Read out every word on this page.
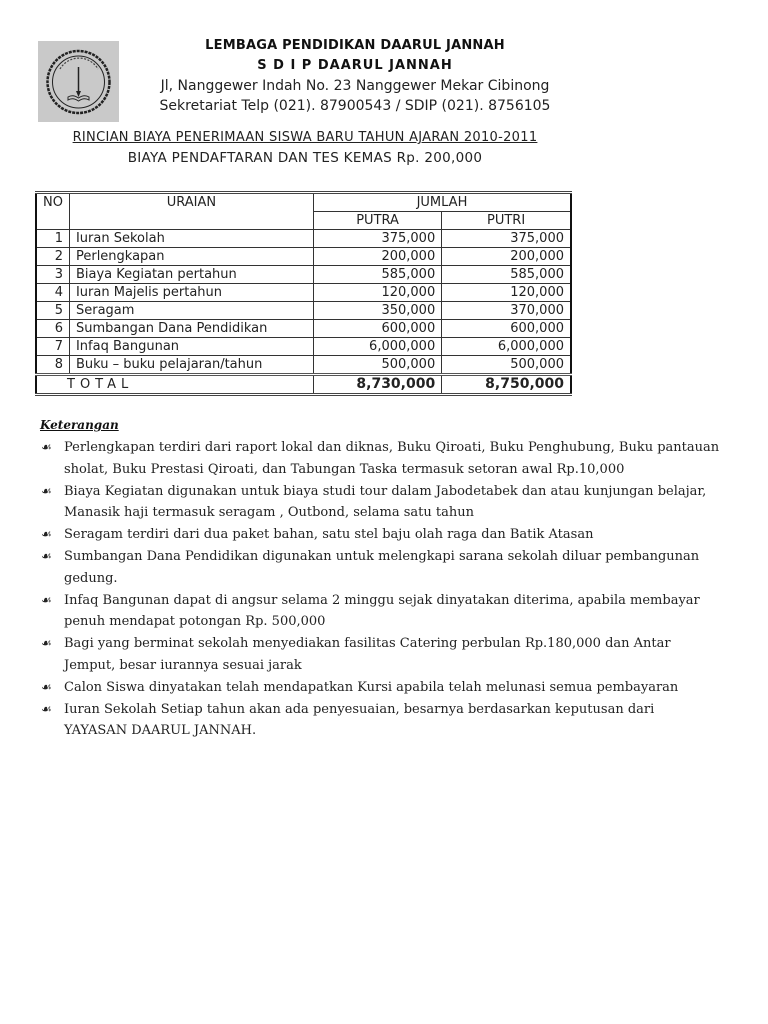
LEMBAGA PENDIDIKAN DAARUL JANNAH
S D I P DAARUL JANNAH
Jl, Nanggewer Indah No. 23 Nanggewer Mekar Cibinong
Sekretariat Telp (021). 87900543 / SDIP (021). 8756105
RINCIAN BIAYA PENERIMAAN SISWA BARU TAHUN AJARAN 2010-2011
BIAYA PENDAFTARAN DAN TES KEMAS Rp. 200,000
NO	URAIAN	JUMLAH	
		PUTRA	PUTRI
1	Iuran Sekolah	375,000	375,000
2	Perlengkapan	200,000	200,000
3	Biaya Kegiatan pertahun	585,000	585,000
4	Iuran Majelis pertahun	120,000	120,000
5	Seragam	350,000	370,000
6	Sumbangan Dana Pendidikan	600,000	600,000
7	Infaq Bangunan	6,000,000	6,000,000
8	Buku – buku pelajaran/tahun	500,000	500,000
TOTAL		8,730,000	8,750,000
Keterangan
☙ Perlengkapan terdiri dari raport lokal dan diknas, Buku Qiroati, Buku Penghubung, Buku pantauan sholat, Buku Prestasi Qiroati, dan Tabungan Taska termasuk setoran awal Rp.10,000
☙ Biaya Kegiatan digunakan untuk biaya studi tour dalam Jabodetabek dan atau kunjungan belajar, Manasik haji termasuk seragam , Outbond, selama satu tahun
☙ Seragam terdiri dari dua paket bahan, satu stel baju olah raga dan Batik Atasan
☙ Sumbangan Dana Pendidikan digunakan untuk melengkapi sarana sekolah diluar pembangunan gedung.
☙ Infaq Bangunan dapat di angsur selama 2 minggu sejak dinyatakan diterima, apabila membayar penuh mendapat potongan Rp. 500,000
☙ Bagi yang berminat sekolah menyediakan fasilitas Catering perbulan Rp.180,000 dan Antar Jemput, besar iurannya sesuai jarak
☙ Calon Siswa dinyatakan telah mendapatkan Kursi apabila telah melunasi semua pembayaran
☙ Iuran Sekolah Setiap tahun akan ada penyesuaian, besarnya berdasarkan keputusan dari YAYASAN DAARUL JANNAH.
